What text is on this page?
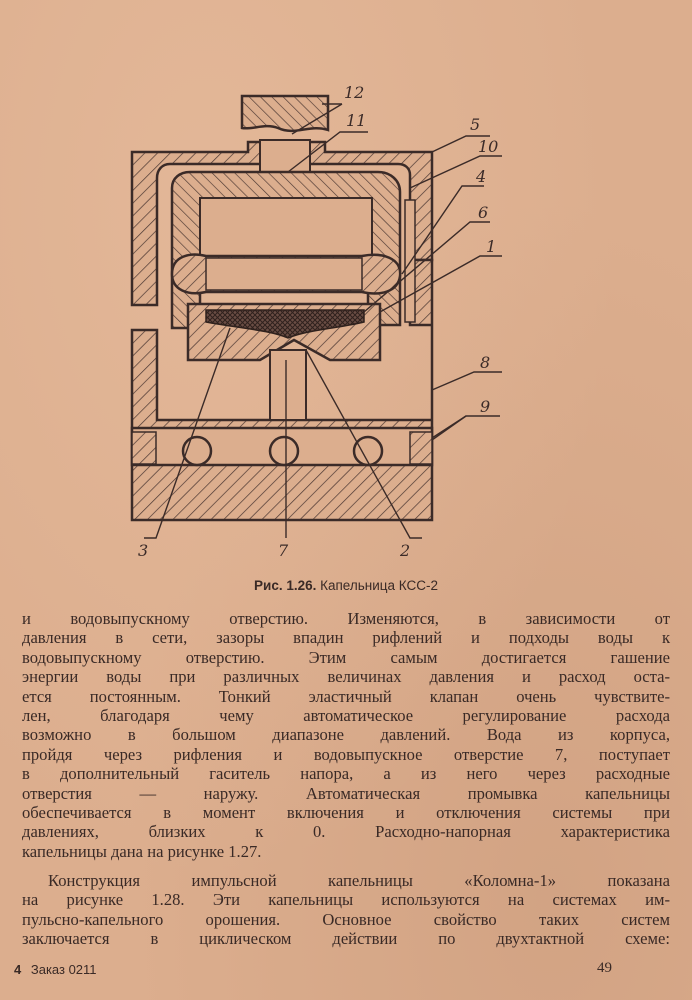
12
11	5
10
4
6
1
8
9
3	7	2
Рис. 1.26. Капельница КСС-2
и водовыпускному отверстию. Изменяются, в зависимости от
давления в сети, зазоры впадин рифлений и подходы воды к
водовыпускному отверстию. Этим самым достигается гашение
энергии воды при различных величинах давления и расход оста-
ется постоянным. Тонкий эластичный клапан очень чувствите-
лен, благодаря чему автоматическое регулирование расхода
возможно в большом диапазоне давлений. Вода из корпуса,
пройдя через рифления и водовыпускное отверстие 7, поступает
в дополнительный гаситель напора, а из него через расходные
отверстия — наружу. Автоматическая промывка капельницы
обеспечивается в момент включения и отключения системы при
давлениях, близких к 0. Расходно-напорная характеристика
капельницы дана на рисунке 1.27.
Конструкция импульсной капельницы «Коломна-1» показана
на рисунке 1.28. Эти капельницы используются на системах им-
пульсно-капельного орошения. Основное свойство таких систем
заключается в циклическом действии по двухтактной схеме:
4 Заказ 0211	49
